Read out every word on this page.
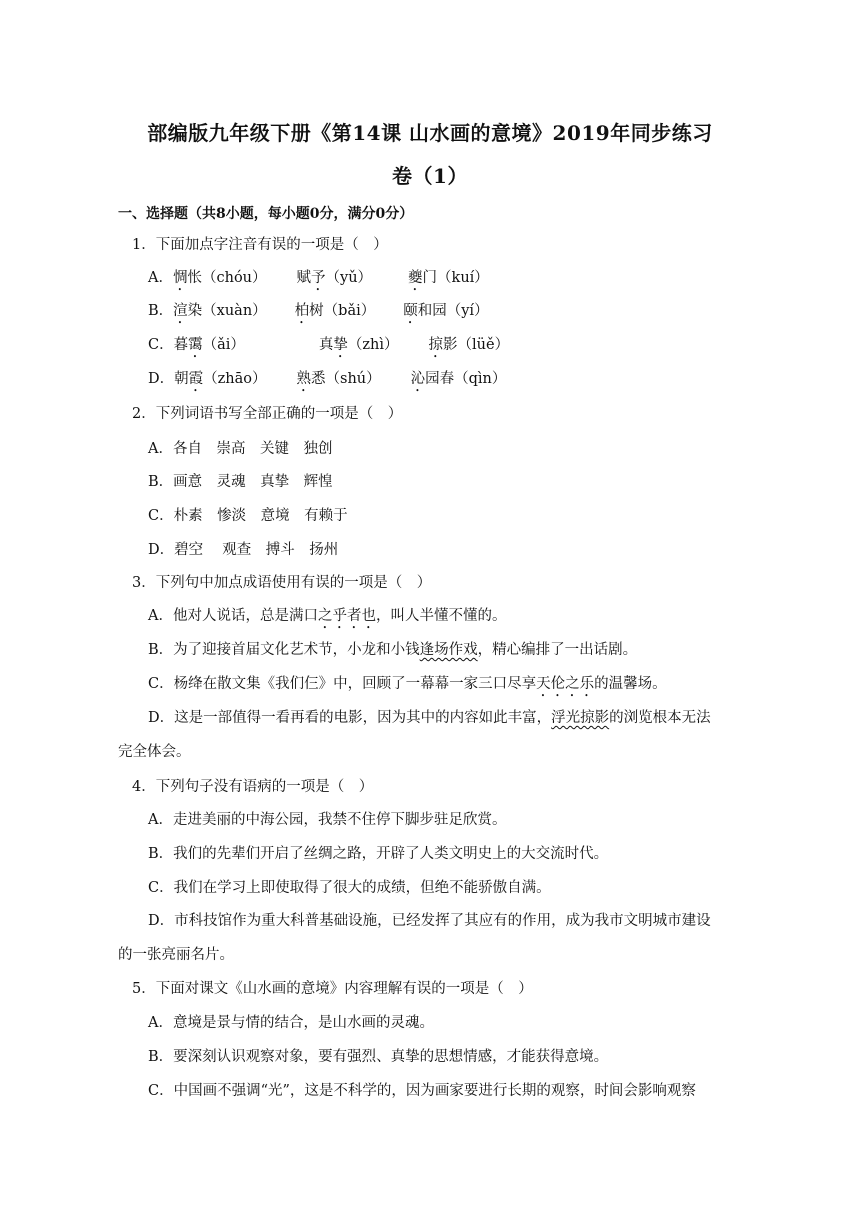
部编版九年级下册《第14课 山水画的意境》2019年同步练习
卷（1）
一、选择题（共8小题，每小题0分，满分0分）
1．下面加点字注音有误的一项是（　）
A．惆怅（chóu） 赋予（yǔ） 夔门（kuí）
B．渲染（xuàn） 柏树（bǎi） 颐和园（yí）
C．暮霭（ǎi）	真挚（zhì） 掠影（lüě）
D．朝霞（zhāo） 熟悉（shú） 沁园春（qìn）
2．下列词语书写全部正确的一项是（　）
A．各自　崇高　关键　独创
B．画意　灵魂　真挚　辉惶
C．朴素　惨淡　意境　有赖于
D．碧空　 观查　搏斗　扬州
3．下列句中加点成语使用有误的一项是（　）
A．他对人说话，总是满口之乎者也，叫人半懂不懂的。
B．为了迎接首届文化艺术节，小龙和小钱逢场作戏，精心编排了一出话剧。
C．杨绛在散文集《我们仨》中，回顾了一幕幕一家三口尽享天伦之乐的温馨场。
D．这是一部值得一看再看的电影，因为其中的内容如此丰富，浮光掠影的浏览根本无法
完全体会。
4．下列句子没有语病的一项是（　）
A．走进美丽的中海公园，我禁不住停下脚步驻足欣赏。
B．我们的先辈们开启了丝绸之路，开辟了人类文明史上的大交流时代。
C．我们在学习上即使取得了很大的成绩，但绝不能骄傲自满。
D．市科技馆作为重大科普基础设施，已经发挥了其应有的作用，成为我市文明城市建设
的一张亮丽名片。
5．下面对课文《山水画的意境》内容理解有误的一项是（　）
A．意境是景与情的结合，是山水画的灵魂。
B．要深刻认识观察对象，要有强烈、真挚的思想情感，才能获得意境。
C．中国画不强调“光”，这是不科学的，因为画家要进行长期的观察，时间会影响观察
